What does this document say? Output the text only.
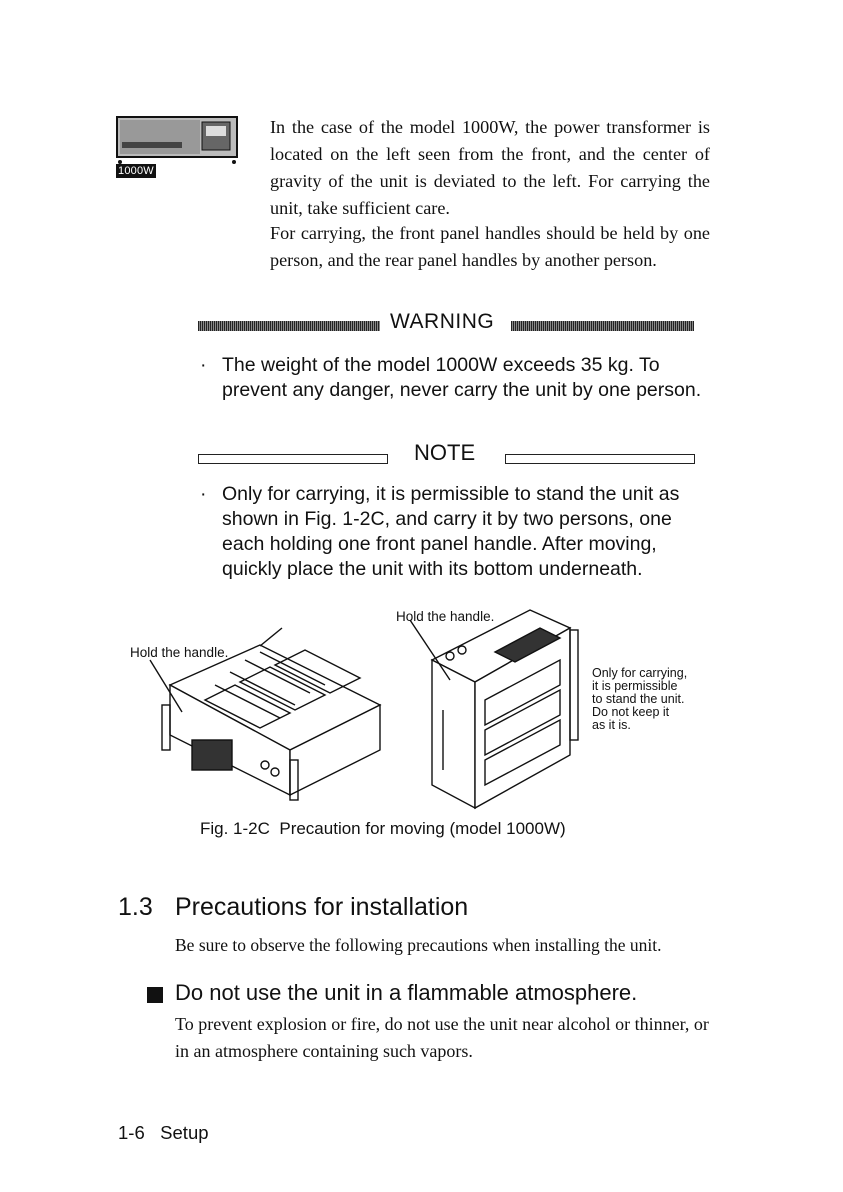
1000W

In the case of the model 1000W, the power transformer is located on the left seen from the front, and the center of gravity of the unit is deviated to the left. For carrying the unit, take sufficient care.

For carrying, the front panel handles should be held by one person, and the rear panel handles by another person.

WARNING
· The weight of the model 1000W exceeds 35 kg. To prevent any danger, never carry the unit by one person.
NOTE
· Only for carrying, it is permissible to stand the unit as shown in Fig. 1-2C, and carry it by two persons, one each holding one front panel handle. After moving, quickly place the unit with its bottom underneath.
Hold the handle.
Hold the handle.
Only for carrying,
it is permissible
to stand the unit.
Do not keep it
as it is.
Fig. 1-2C  Precaution for moving (model 1000W)
1.3 Precautions for installation
Be sure to observe the following precautions when installing the unit.
Do not use the unit in a flammable atmosphere.

To prevent explosion or fire, do not use the unit near alcohol or thinner, or in an atmosphere containing such vapors.

1-6 Setup
